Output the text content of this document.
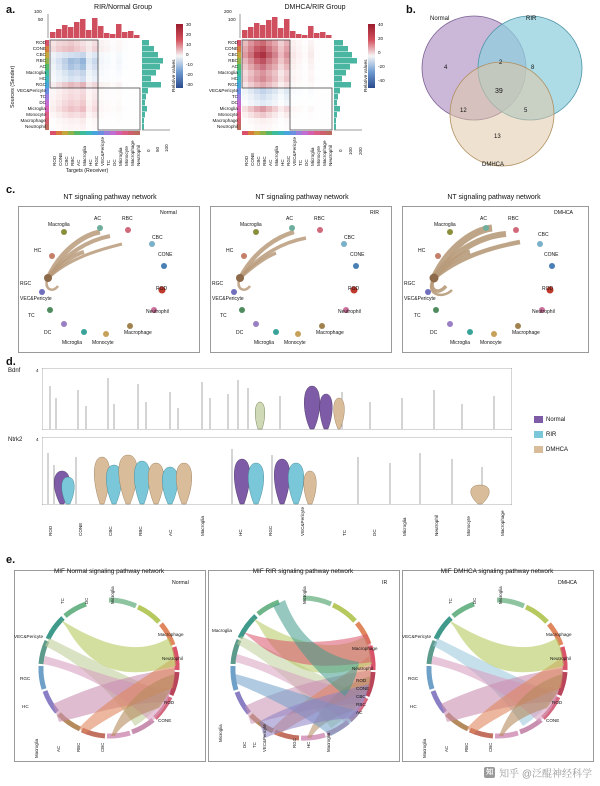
a.	RIR/Normal Group	DMHCA/RIR Group
100
50
Sources (Sender)
Targets (Receiver)
ROD
CONE
CBC
RBC
AC
Macroglia
HC
RGC
VEC&Pericyte
TC
DC
Microglia
Monocyte
Macrophage
Neutrophil
ROD CONE CBC RBC AC Macroglia HC RGC VEC&Pericyte TC DC Microglia Monocyte Macrophage Neutrophil 0 50 100
Relative values
30
20
10
0
-10
-20
-30
200
100
ROD
CONE
CBC
RBC
AC
Macroglia
HC
RGC
VEC&Pericyte
TC
DC
Microglia
Monocyte
Macrophage
Neutrophil
ROD CONE CBC RBC AC Macroglia HC RGC VEC&Pericyte TC DC Microglia Monocyte Macrophage Neutrophil 0 100 200
Relative values
40
20
0
-20
-40
b.
Normal	RIR
DMHCA
4	8
13
2
12	5
39
c.
NT signaling pathway network	NT signaling pathway network	NT signaling pathway network
Normal	RIR	DMHCA
Macroglia
AC	RBC
CBC
CONE
ROD
Neutrophil
Macrophage
Monocyte
Microglia
DC
TC
VEC&Pericyte
RGC
HC
Macroglia
AC	RBC
CBC
CONE
ROD
Neutrophil
Macrophage
Monocyte
Microglia
DC
TC
VEC&Pericyte
RGC
HC
Macroglia
AC	RBC
CBC
CONE
ROD
Neutrophil
Macrophage
Monocyte
Microglia
DC
TC
VEC&Pericyte
RGC
HC
d.
Bdnf
Ntrk2
4
4
ROD	CONE	CBC	RBC	AC	Macroglia	HC	RGC	VEC&Pericyte	TC	DC	Microglia	Neutrophil	Monocyte	Macrophage
Normal
RIR
DMHCA
e.
MIF Normal signaling pathway network	MIF RIR signaling pathway network	MIF DMHCA signaling pathway network
Normal	IR	DMHCA
Microglia
DC
TC
VEC&Pericyte
RGC
HC
Macroglia	AC	RBC	CBC
CONE
ROD
Neutrophil
Macrophage
Microglia
Macroglia
Macrophage
Neutrophil
ROD
CONE
CBC
RBC
AC
Microglia
DC TC VEC&Pericyte	RGC HC	Macroglia
Microglia
DC
TC
VEC&Pericyte
RGC
HC
Macroglia	AC	RBC	CBC
CONE
ROD
Neutrophil
Macrophage
知 知乎 @泛醌神经科学
